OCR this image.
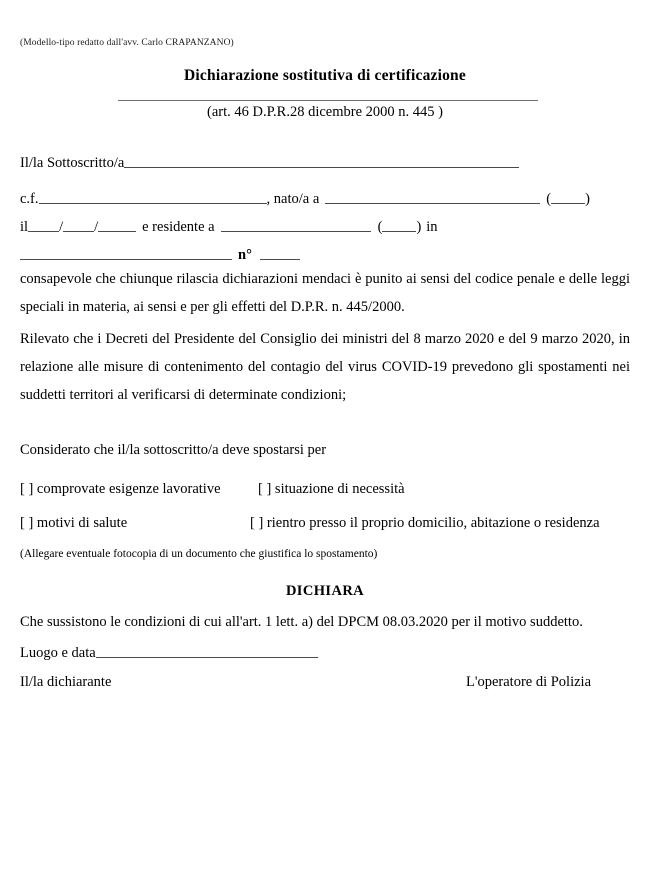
(Modello-tipo redatto dall'avv. Carlo CRAPANZANO)
Dichiarazione sostitutiva di certificazione
(art. 46 D.P.R.28 dicembre 2000 n. 445 )
Il/la Sottoscritto/a
c.f.	, nato/a a	( )
il / /	e residente a	( ) in
n°
consapevole che chiunque rilascia dichiarazioni mendaci è punito ai sensi del codice penale e delle leggi speciali in materia, ai sensi e per gli effetti del D.P.R. n. 445/2000.
Rilevato che i Decreti del Presidente del Consiglio dei ministri del 8 marzo 2020 e del 9 marzo 2020, in relazione alle misure di contenimento del contagio del virus COVID-19 prevedono gli spostamenti nei suddetti territori al verificarsi di determinate condizioni;
Considerato che il/la sottoscritto/a deve spostarsi per
[ ] comprovate esigenze lavorative	[ ] situazione di necessità
[ ] motivi di salute	[ ] rientro presso il proprio domicilio, abitazione o residenza
(Allegare eventuale fotocopia di un documento che giustifica lo spostamento)
DICHIARA
Che sussistono le condizioni di cui all'art. 1 lett. a) del DPCM 08.03.2020 per il motivo suddetto.
Luogo e data
Il/la dichiarante	L'operatore di Polizia
